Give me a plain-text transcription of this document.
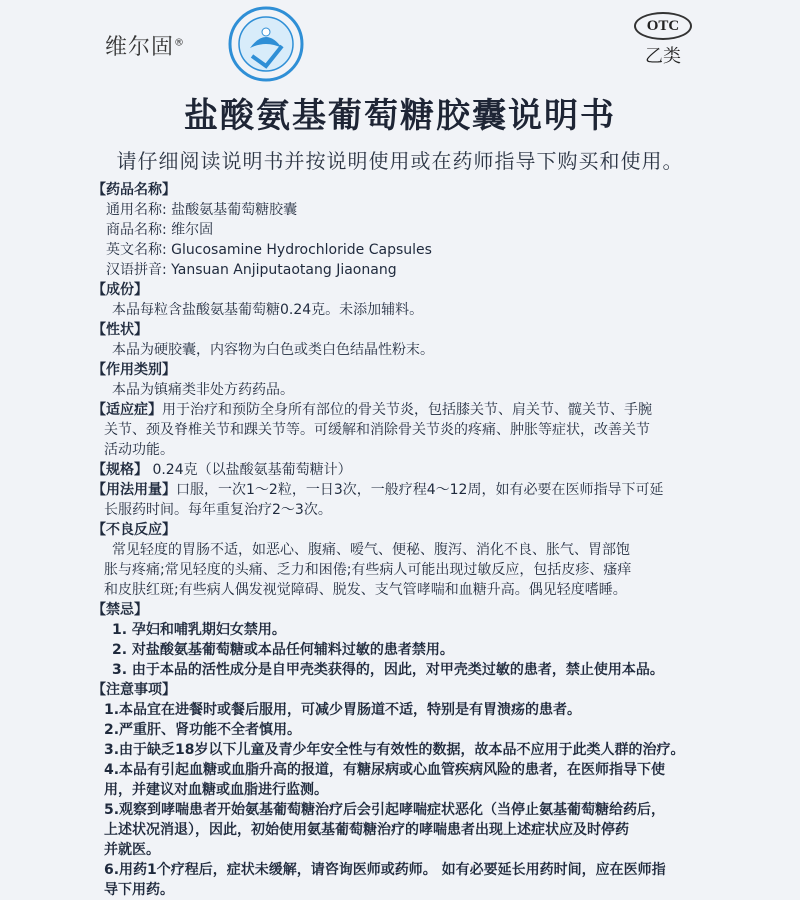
维尔固®
OTC
乙类
盐酸氨基葡萄糖胶囊说明书
请仔细阅读说明书并按说明使用或在药师指导下购买和使用。
【药品名称】
通用名称: 盐酸氨基葡萄糖胶囊
商品名称: 维尔固
英文名称: Glucosamine Hydrochloride Capsules
汉语拼音: Yansuan Anjiputaotang Jiaonang
【成份】
本品每粒含盐酸氨基葡萄糖0.24克。未添加辅料。
【性状】
本品为硬胶囊，内容物为白色或类白色结晶性粉末。
【作用类别】
本品为镇痛类非处方药药品。
【适应症】用于治疗和预防全身所有部位的骨关节炎，包括膝关节、肩关节、髋关节、手腕
关节、颈及脊椎关节和踝关节等。可缓解和消除骨关节炎的疼痛、肿胀等症状，改善关节
活动功能。
【规格】 0.24克（以盐酸氨基葡萄糖计）
【用法用量】口服，一次1～2粒，一日3次，一般疗程4～12周，如有必要在医师指导下可延
长服药时间。每年重复治疗2～3次。
【不良反应】
常见轻度的胃肠不适，如恶心、腹痛、嗳气、便秘、腹泻、消化不良、胀气、胃部饱
胀与疼痛;常见轻度的头痛、乏力和困倦;有些病人可能出现过敏反应，包括皮疹、瘙痒
和皮肤红斑;有些病人偶发视觉障碍、脱发、支气管哮喘和血糖升高。偶见轻度嗜睡。
【禁忌】
1. 孕妇和哺乳期妇女禁用。
2. 对盐酸氨基葡萄糖或本品任何辅料过敏的患者禁用。
3. 由于本品的活性成分是自甲壳类获得的，因此，对甲壳类过敏的患者，禁止使用本品。
【注意事项】
1.本品宜在进餐时或餐后服用，可减少胃肠道不适，特别是有胃溃疡的患者。
2.严重肝、肾功能不全者慎用。
3.由于缺乏18岁以下儿童及青少年安全性与有效性的数据，故本品不应用于此类人群的治疗。
4.本品有引起血糖或血脂升高的报道，有糖尿病或心血管疾病风险的患者，在医师指导下使
用，并建议对血糖或血脂进行监测。
5.观察到哮喘患者开始氨基葡萄糖治疗后会引起哮喘症状恶化（当停止氨基葡萄糖给药后，
上述状况消退），因此，初始使用氨基葡萄糖治疗的哮喘患者出现上述症状应及时停药
并就医。
6.用药1个疗程后，症状未缓解，请咨询医师或药师。 如有必要延长用药时间，应在医师指
导下用药。
